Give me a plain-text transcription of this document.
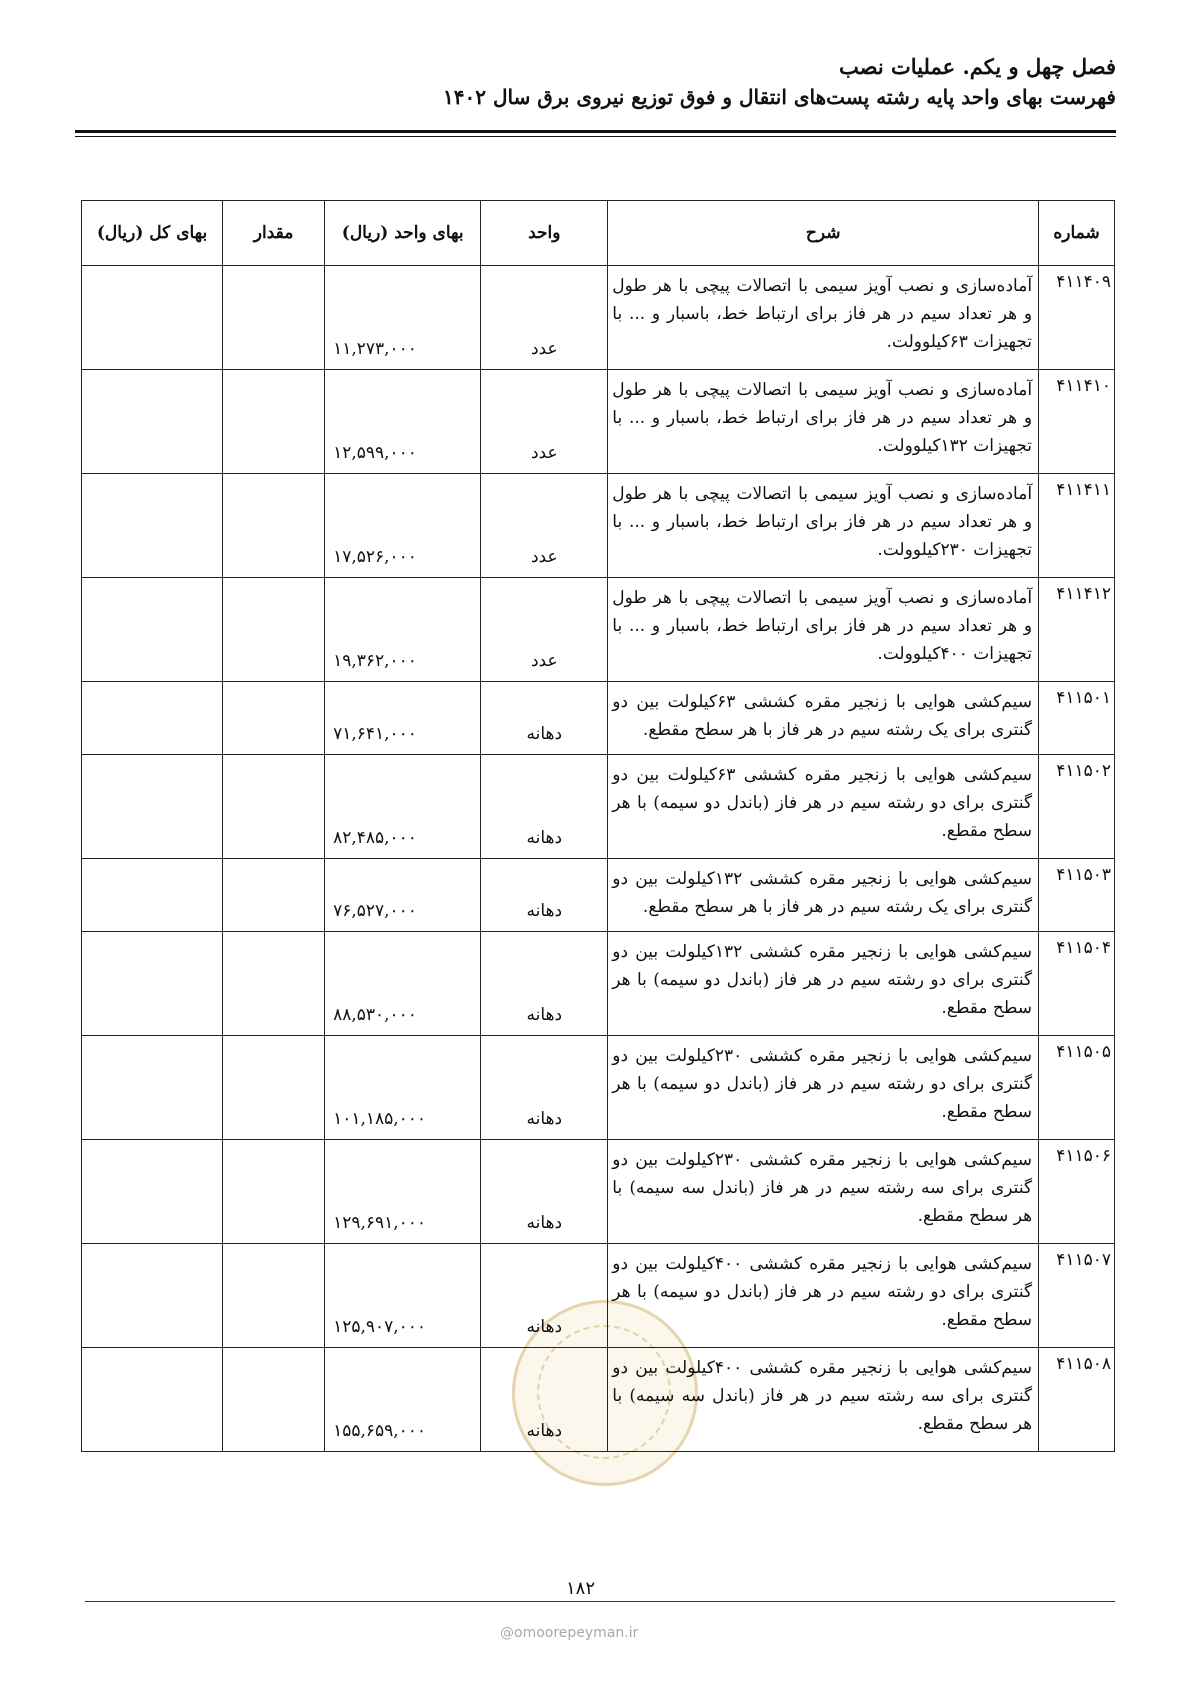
فصل چهل و یکم. عملیات نصب
فهرست بهای واحد پایه رشته پست‌های انتقال و فوق توزیع نیروی برق سال ۱۴۰۲
شماره	شرح	واحد	بهای واحد (ریال)	مقدار	بهای کل (ریال)
۴۱۱۴۰۹	آماده‌سازی و نصب آویز سیمی با اتصالات پیچی با هر طول و هر تعداد سیم در هر فاز برای ارتباط خط، باسبار و ... با تجهیزات ۶۳کیلوولت.	عدد	۱۱,۲۷۳,۰۰۰		
۴۱۱۴۱۰	آماده‌سازی و نصب آویز سیمی با اتصالات پیچی با هر طول و هر تعداد سیم در هر فاز برای ارتباط خط، باسبار و ... با تجهیزات ۱۳۲کیلوولت.	عدد	۱۲,۵۹۹,۰۰۰		
۴۱۱۴۱۱	آماده‌سازی و نصب آویز سیمی با اتصالات پیچی با هر طول و هر تعداد سیم در هر فاز برای ارتباط خط، باسبار و ... با تجهیزات ۲۳۰کیلوولت.	عدد	۱۷,۵۲۶,۰۰۰		
۴۱۱۴۱۲	آماده‌سازی و نصب آویز سیمی با اتصالات پیچی با هر طول و هر تعداد سیم در هر فاز برای ارتباط خط، باسبار و ... با تجهیزات ۴۰۰کیلوولت.	عدد	۱۹,۳۶۲,۰۰۰		
۴۱۱۵۰۱	سیم‌کشی هوایی با زنجیر مقره کششی ۶۳کیلولت بین دو گنتری برای یک رشته سیم در هر فاز با هر سطح مقطع.	دهانه	۷۱,۶۴۱,۰۰۰		
۴۱۱۵۰۲	سیم‌کشی هوایی با زنجیر مقره کششی ۶۳کیلولت بین دو گنتری برای دو رشته سیم در هر فاز (باندل دو سیمه) با هر سطح مقطع.	دهانه	۸۲,۴۸۵,۰۰۰		
۴۱۱۵۰۳	سیم‌کشی هوایی با زنجیر مقره کششی ۱۳۲کیلولت بین دو گنتری برای یک رشته سیم در هر فاز با هر سطح مقطع.	دهانه	۷۶,۵۲۷,۰۰۰		
۴۱۱۵۰۴	سیم‌کشی هوایی با زنجیر مقره کششی ۱۳۲کیلولت بین دو گنتری برای دو رشته سیم در هر فاز (باندل دو سیمه) با هر سطح مقطع.	دهانه	۸۸,۵۳۰,۰۰۰		
۴۱۱۵۰۵	سیم‌کشی هوایی با زنجیر مقره کششی ۲۳۰کیلولت بین دو گنتری برای دو رشته سیم در هر فاز (باندل دو سیمه) با هر سطح مقطع.	دهانه	۱۰۱,۱۸۵,۰۰۰		
۴۱۱۵۰۶	سیم‌کشی هوایی با زنجیر مقره کششی ۲۳۰کیلولت بین دو گنتری برای سه رشته سیم در هر فاز (باندل سه سیمه) با هر سطح مقطع.	دهانه	۱۲۹,۶۹۱,۰۰۰		
۴۱۱۵۰۷	سیم‌کشی هوایی با زنجیر مقره کششی ۴۰۰کیلولت بین دو گنتری برای دو رشته سیم در هر فاز (باندل دو سیمه) با هر سطح مقطع.	دهانه	۱۲۵,۹۰۷,۰۰۰		
۴۱۱۵۰۸	سیم‌کشی هوایی با زنجیر مقره کششی ۴۰۰کیلولت بین دو گنتری برای سه رشته سیم در هر فاز (باندل سه سیمه) با هر سطح مقطع.	دهانه	۱۵۵,۶۵۹,۰۰۰		
۱۸۲
@omoorepeyman.ir
